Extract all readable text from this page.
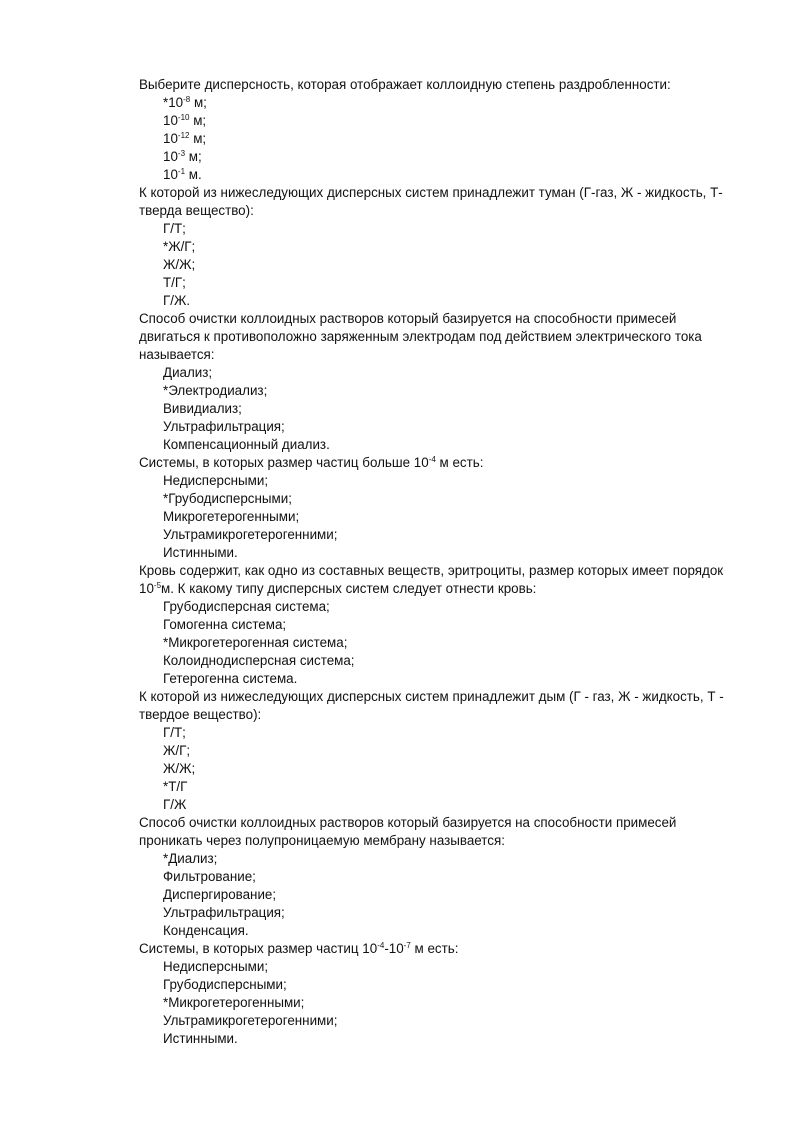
Выберите дисперсность, которая отображает коллоидную степень раздробленности:

$*10^{-8}$ м;

$10^{-10}$ м;

$10^{-12}$ м;

$10^{-3}$ м;

$10^{-1}$ м.

К которой из нижеследующих дисперсных систем принадлежит туман (Г-газ, Ж - жидкость, Т-тверда вещество):

Г/Т;

*Ж/Г;

Ж/Ж;

Т/Г;

Г/Ж.

Способ очистки коллоидных растворов который базируется на способности примесей двигаться к противоположно заряженным электродам под действием электрического тока называется:

Диализ;

*Электродиализ;

Вивидиализ;

Ультрафильтрация;

Компенсационный диализ.

Системы, в которых размер частиц больше $10^{-4}$ м есть:

Недисперсными;

*Грубодисперсными;

Микрогетерогенными;

Ультрамикрогетерогенними;

Истинными.

Кровь содержит, как одно из составных веществ, эритроциты, размер которых имеет порядок $10^{-5}м$. К какому типу дисперсных систем следует отнести кровь:

Грубодисперсная система;

Гомогенна система;

*Микрогетерогенная система;

Колоиднодисперсная система;

Гетерогенна система.

К которой из нижеследующих дисперсных систем принадлежит дым (Г - газ, Ж - жидкость, Т - твердое вещество):

Г/Т;

Ж/Г;

Ж/Ж;

*Т/Г

Г/Ж

Способ очистки коллоидных растворов который базируется на способности примесей проникать через полупроницаемую мембрану называется:

*Диализ;

Фильтрование;

Диспергирование;

Ультрафильтрация;

Конденсация.

Системы, в которых размер частиц $10^{-4}-10^{-7}$ м есть:

Недисперсными;

Грубодисперсными;

*Микрогетерогенными;

Ультрамикрогетерогенними;

Истинными.
